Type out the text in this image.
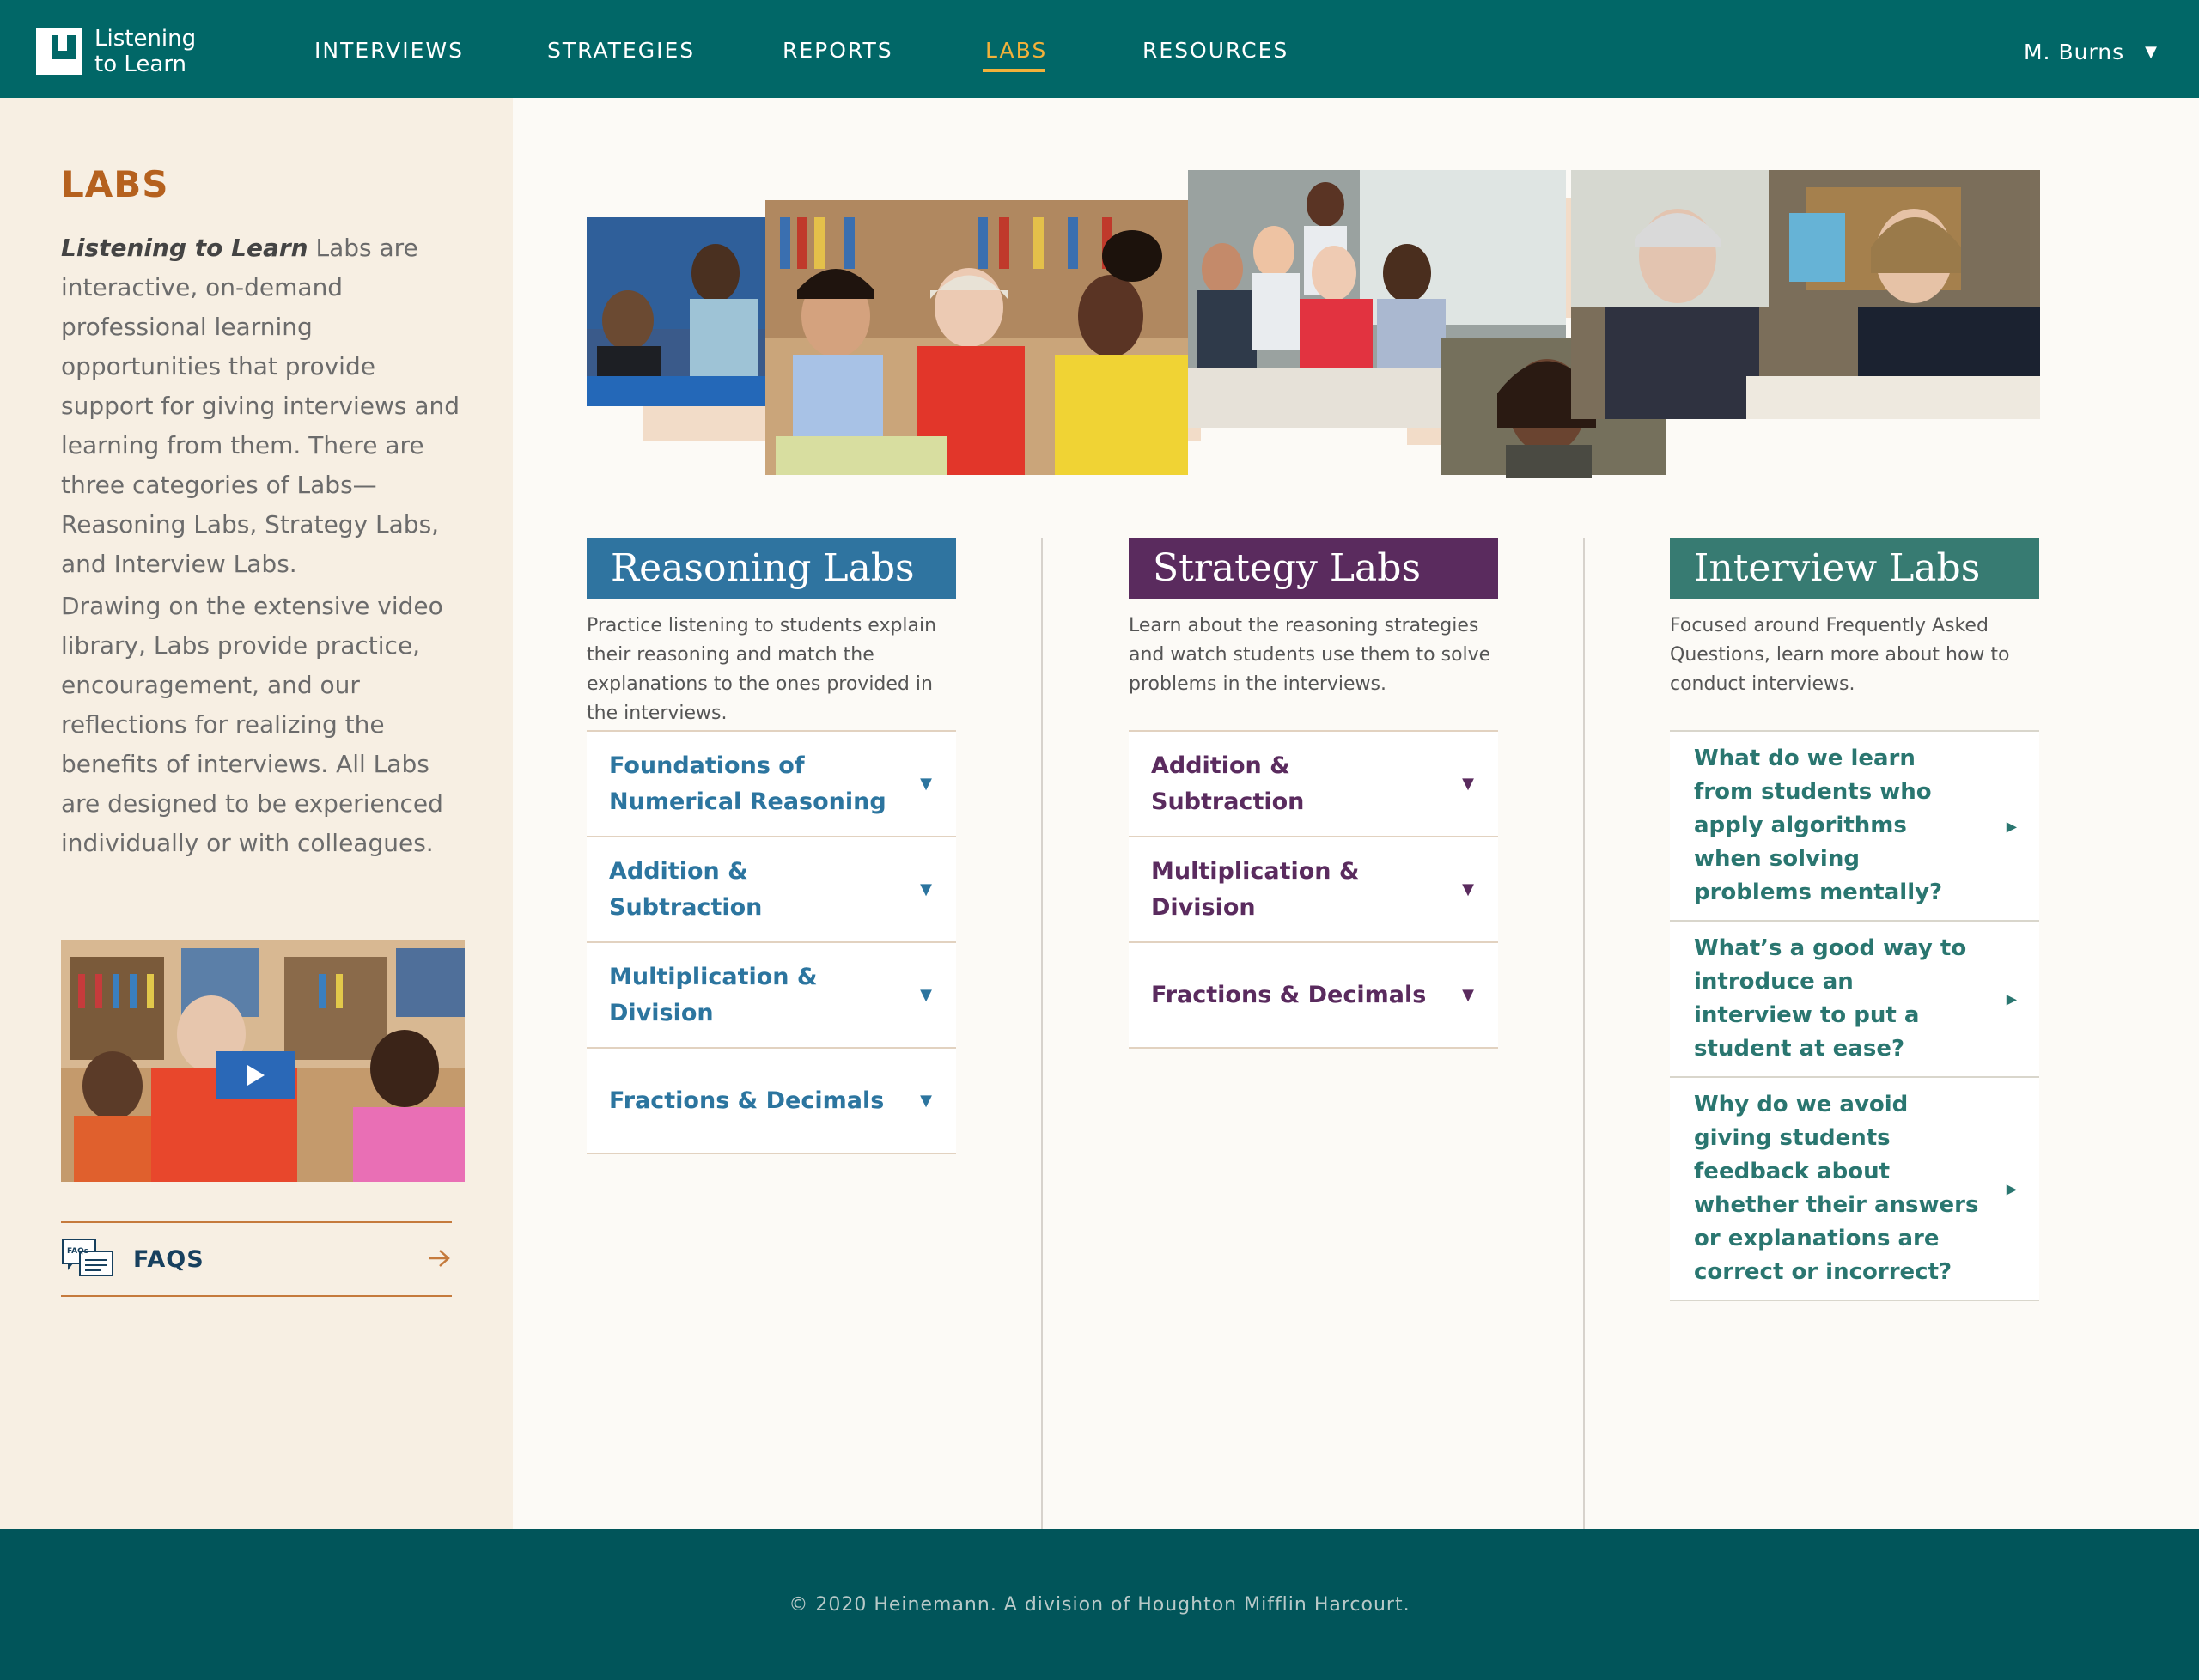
Listening
to Learn
INTERVIEWS	STRATEGIES	REPORTS	LABS	RESOURCES	M. Burns ▼
LABS
Listening to Learn Labs are interactive, on-demand professional learning opportunities that provide support for giving interviews and learning from them. There are three categories of Labs—Reasoning Labs, Strategy Labs, and Interview Labs.
Drawing on the extensive video library, Labs provide practice, encouragement, and our reflections for realizing the benefits of interviews. All Labs are designed to be experienced individually or with colleagues.
FAQs FAQS
Reasoning Labs
Practice listening to students explain their reasoning and match the explanations to the ones provided in the interviews.
Foundations of Numerical Reasoning
▼
Addition & Subtraction
▼
Multiplication & Division
▼
Fractions & Decimals ▼
Strategy Labs
Learn about the reasoning strategies and watch students use them to solve problems in the interviews.
Addition & Subtraction
▼
Multiplication & Division
▼
Fractions & Decimals ▼
Interview Labs
Focused around Frequently Asked Questions, learn more about how to conduct interviews.
What do we learn from students who apply algorithms when solving problems mentally?
▶
What’s a good way to introduce an interview to put a student at ease?
▶
Why do we avoid giving students feedback about whether their answers or explanations are correct or incorrect?
▶
© 2020 Heinemann. A division of Houghton Mifflin Harcourt.
